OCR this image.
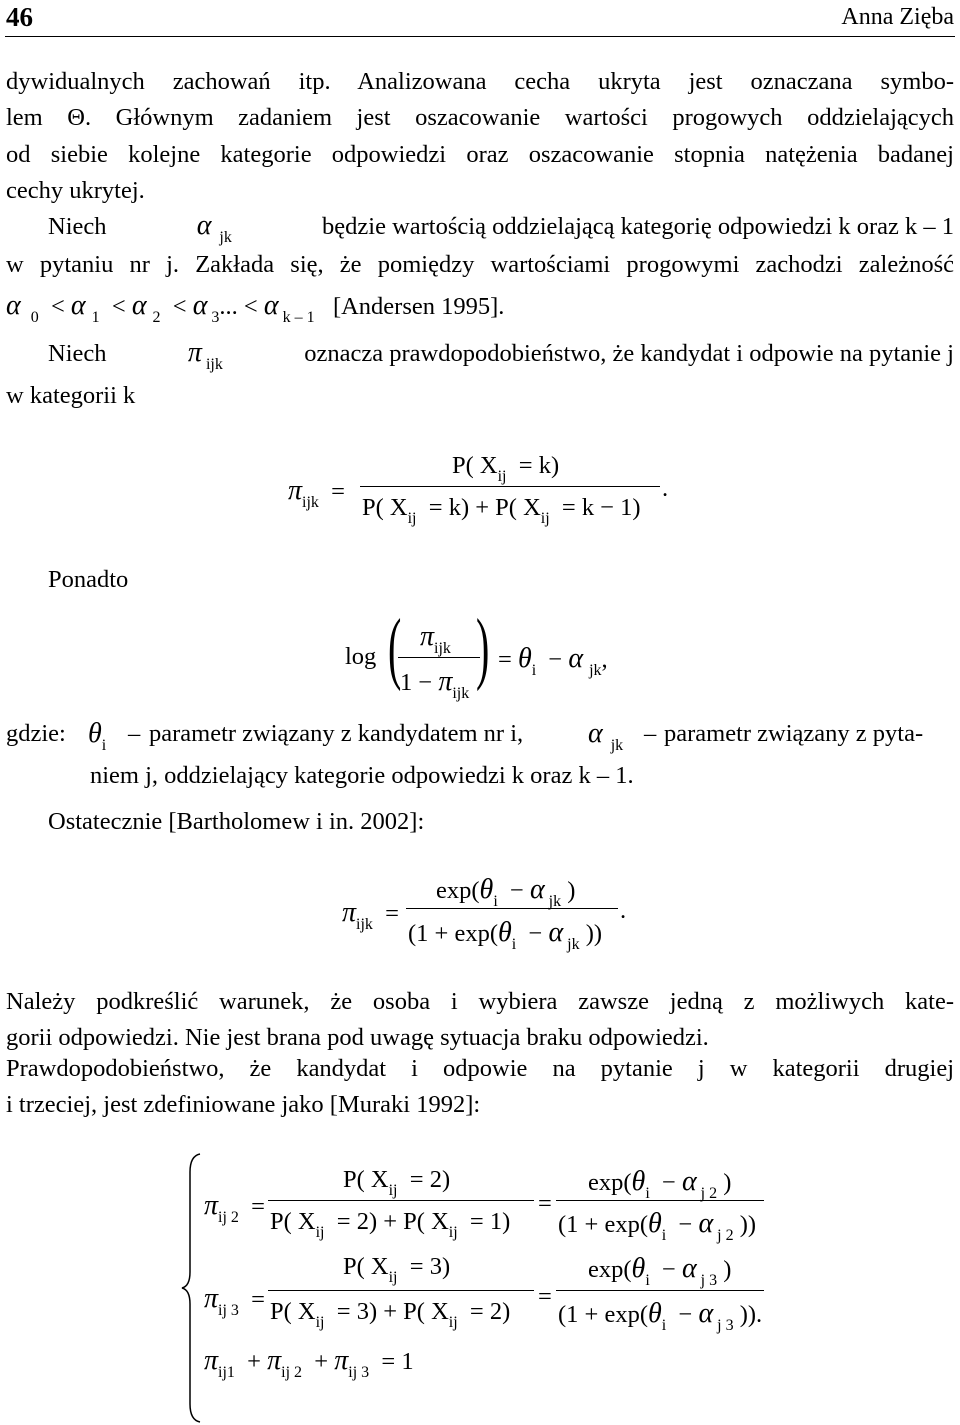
46	Anna Zięba
dywidualnych zachowań itp. Analizowana cecha ukryta jest oznaczana symbo-
lem Θ. Głównym zadaniem jest oszacowanie wartości progowych oddzielających
od siebie kolejne kategorie odpowiedzi oraz oszacowanie stopnia natężenia badanej
cechy ukrytej.
Niech	α $_{jk}$	będzie wartością oddzielającą kategorię odpowiedzi k oraz k – 1
w pytaniu nr j. Zakłada się, że pomiędzy wartościami progowymi zachodzi zależność
α $_0$  < α $_1$  < α $_2$  < α $_3$... < α $_{k - 1}$ [Andersen 1995].
Niech	π $_{ijk}$	oznacza prawdopodobieństwo, że kandydat i odpowie na pytanie j
w kategorii k
$\pi_{ijk}$  =
P( $X_{ij} = k$)
P( $X_{ij} = k) + P$( $X_{ij} = k - 1$)
.
Ponadto
log ( )
$\pi_{ijk}$
$1 - \pi_{ijk}$
= $\theta_i - \alpha$ $_{jk}$,
gdzie: $\theta_i$ – parametr związany z kandydatem nr i, α $_{jk}$ – parametr związany z pyta-
niem j, oddzielający kategorie odpowiedzi k oraz k – 1.
Ostatecznie [Bartholomew i in. 2002]:
$\pi_{ijk}$  =
$\exp(\theta_i - \alpha$ $_{jk}$ )
($1 + \exp(\theta_i - \alpha$ $_{jk}$ ))
.
Należy podkreślić warunek, że osoba i wybiera zawsze jedną z możliwych kate-
gorii odpowiedzi. Nie jest brana pod uwagę sytuacja braku odpowiedzi.
Prawdopodobieństwo, że kandydat i odpowie na pytanie j w kategorii drugiej
i trzeciej, jest zdefiniowane jako [Muraki 1992]:
$\pi_{ij 2}$  =
P( $X_{ij} = 2$)
P( $X_{ij} = 2) + P$( $X_{ij} = 1$)
=
$\exp(\theta_i - \alpha$ $_{j 2}$ )
($1 + \exp(\theta_i - \alpha$ $_{j 2}$ ))
$\pi_{ij 3}$  =
P( $X_{ij} = 3$)
P( $X_{ij} = 3) + P$( $X_{ij} = 2$)
=
$\exp(\theta_i - \alpha$ $_{j 3}$ )
($1 + \exp(\theta_i - \alpha$ $_{j 3}$ )).
$\pi_{ij1} + \pi_{ij 2} + \pi_{ij 3} = 1$
